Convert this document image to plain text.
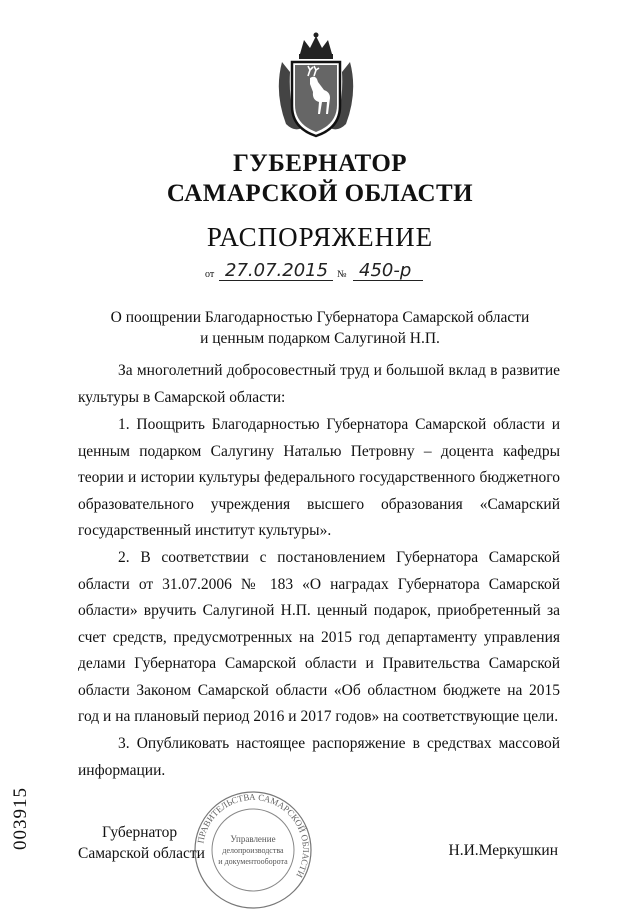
ГУБЕРНАТОР
САМАРСКОЙ ОБЛАСТИ
РАСПОРЯЖЕНИЕ
от 27.07.2015 № 450-р
О поощрении Благодарностью Губернатора Самарской области
и ценным подарком Салугиной Н.П.

За многолетний добросовестный труд и большой вклад в развитие культуры в Самарской области:

1. Поощрить Благодарностью Губернатора Самарской области и ценным подарком Салугину Наталью Петровну – доцента кафедры теории и истории культуры федерального государственного бюджетного образовательного учреждения высшего образования «Самарский государственный институт культуры».

2. В соответствии с постановлением Губернатора Самарской области от 31.07.2006 № 183 «О наградах Губернатора Самарской области» вручить Салугиной Н.П. ценный подарок, приобретенный за счет средств, предусмотренных на 2015 год департаменту управления делами Губернатора Самарской области и Правительства Самарской области Законом Самарской области «Об областном бюджете на 2015 год и на плановый период 2016 и 2017 годов» на соответствующие цели.

3. Опубликовать настоящее распоряжение в средствах массовой информации.

ПРАВИТЕЛЬСТВА САМАРСКОЙ ОБЛАСТИ
Управление
делопроизводства
и документооборота
Губернатор
Самарской области	Н.И.Меркушкин
003915
